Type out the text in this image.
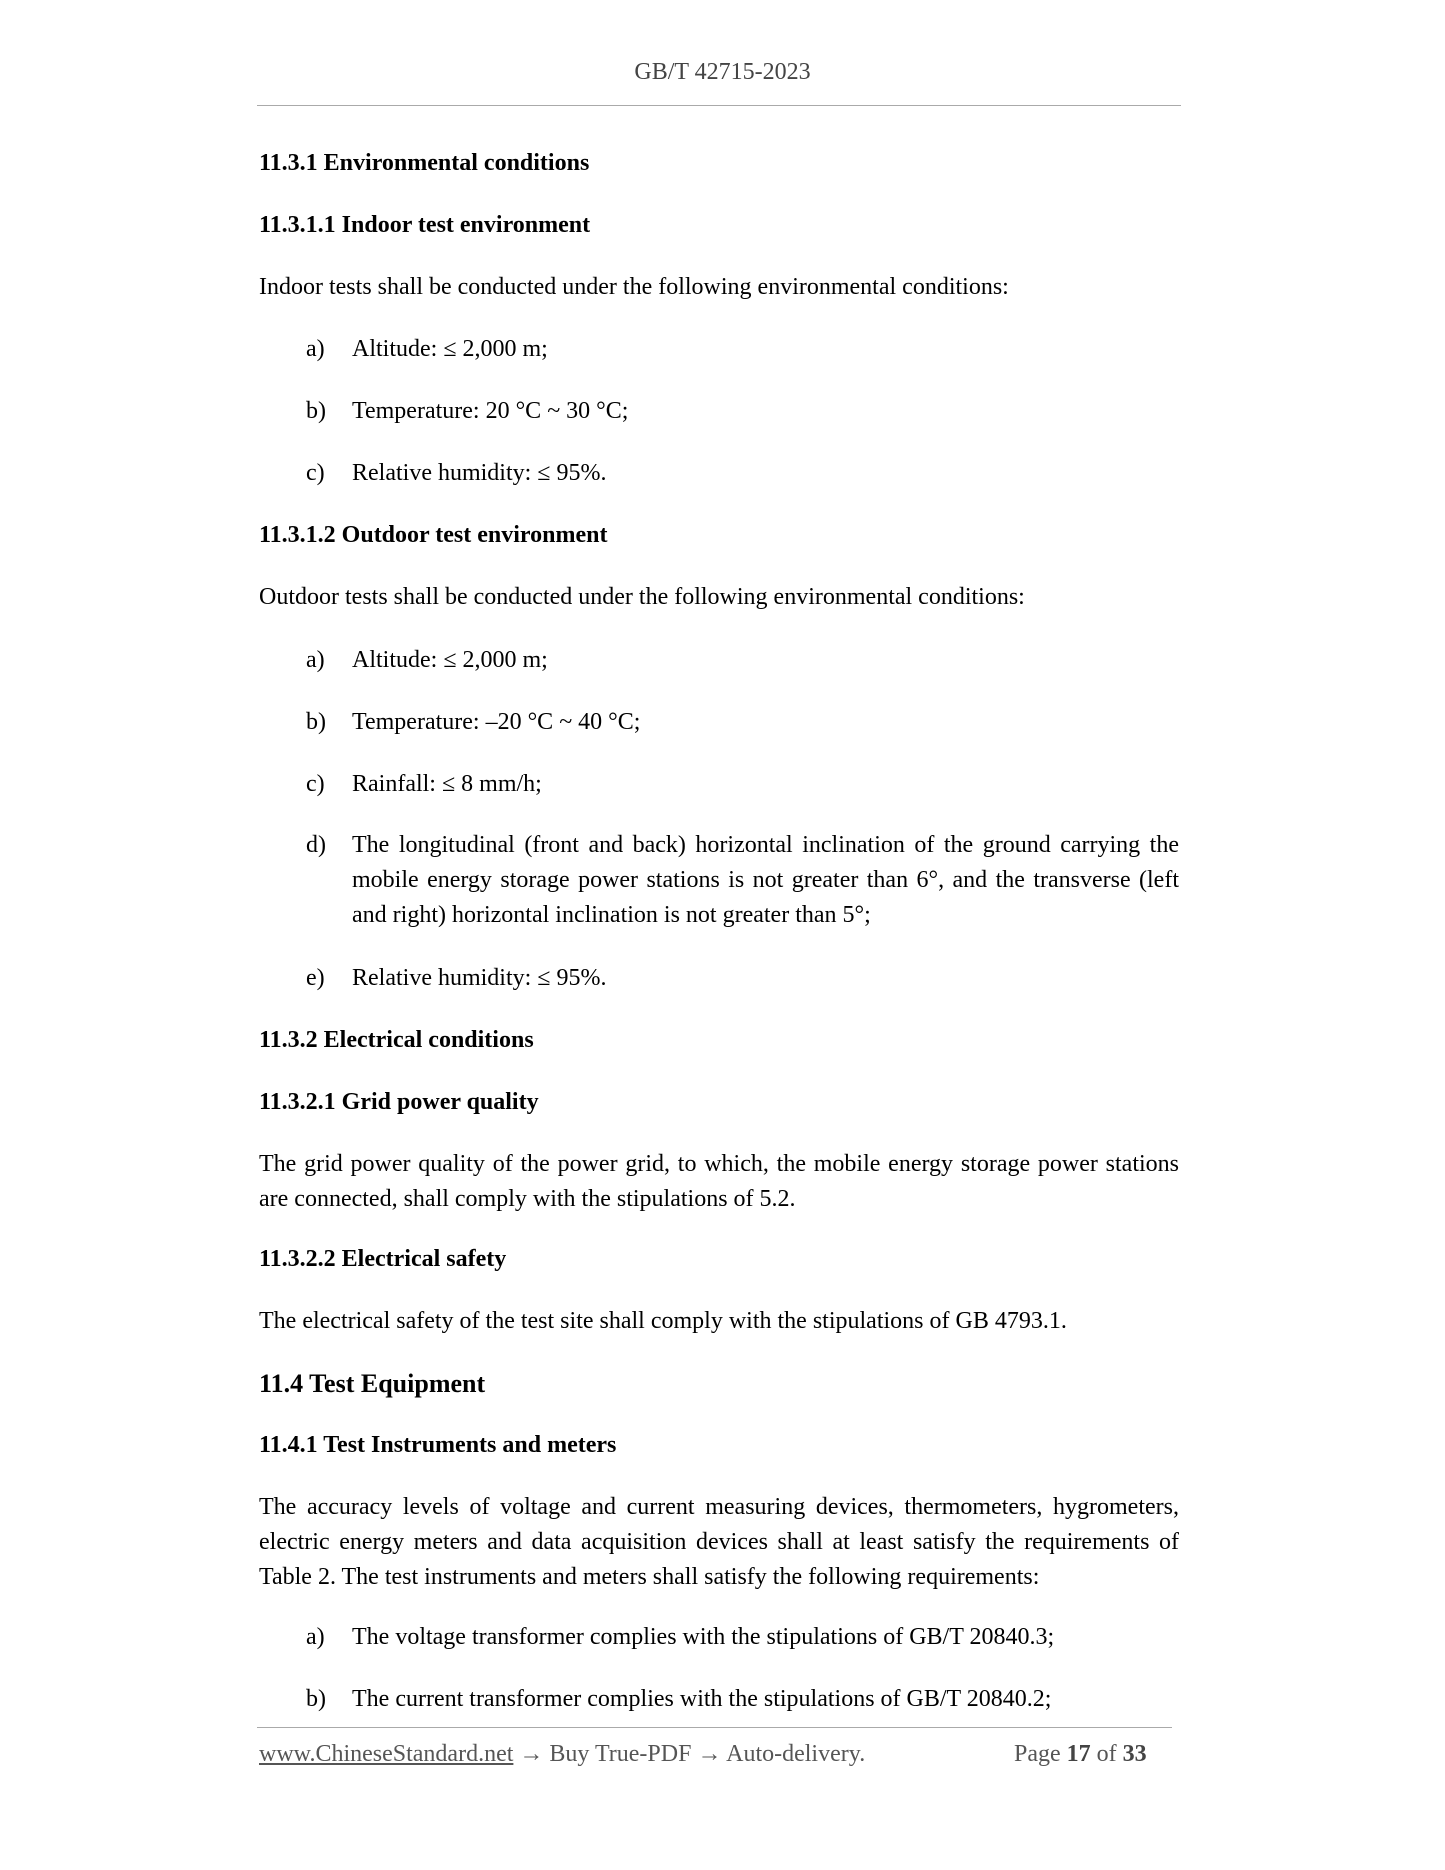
GB/T 42715-2023
11.3.1 Environmental conditions
11.3.1.1 Indoor test environment
Indoor tests shall be conducted under the following environmental conditions:
a)	Altitude: ≤ 2,000 m;
b)	Temperature: 20 °C ~ 30 °C;
c)	Relative humidity: ≤ 95%.
11.3.1.2 Outdoor test environment
Outdoor tests shall be conducted under the following environmental conditions:
a)	Altitude: ≤ 2,000 m;
b)	Temperature: –20 °C ~ 40 °C;
c)	Rainfall: ≤ 8 mm/h;
d)	The longitudinal (front and back) horizontal inclination of the ground carrying the mobile energy storage power stations is not greater than 6°, and the transverse (left and right) horizontal inclination is not greater than 5°;
e)	Relative humidity: ≤ 95%.
11.3.2 Electrical conditions
11.3.2.1 Grid power quality
The grid power quality of the power grid, to which, the mobile energy storage power stations are connected, shall comply with the stipulations of 5.2.
11.3.2.2 Electrical safety
The electrical safety of the test site shall comply with the stipulations of GB 4793.1.
11.4 Test Equipment
11.4.1 Test Instruments and meters
The accuracy levels of voltage and current measuring devices, thermometers, hygrometers, electric energy meters and data acquisition devices shall at least satisfy the requirements of Table 2. The test instruments and meters shall satisfy the following requirements:
a)	The voltage transformer complies with the stipulations of GB/T 20840.3;
b)	The current transformer complies with the stipulations of GB/T 20840.2;
www.ChineseStandard.net → Buy True-PDF → Auto-delivery.	Page 17 of 33
